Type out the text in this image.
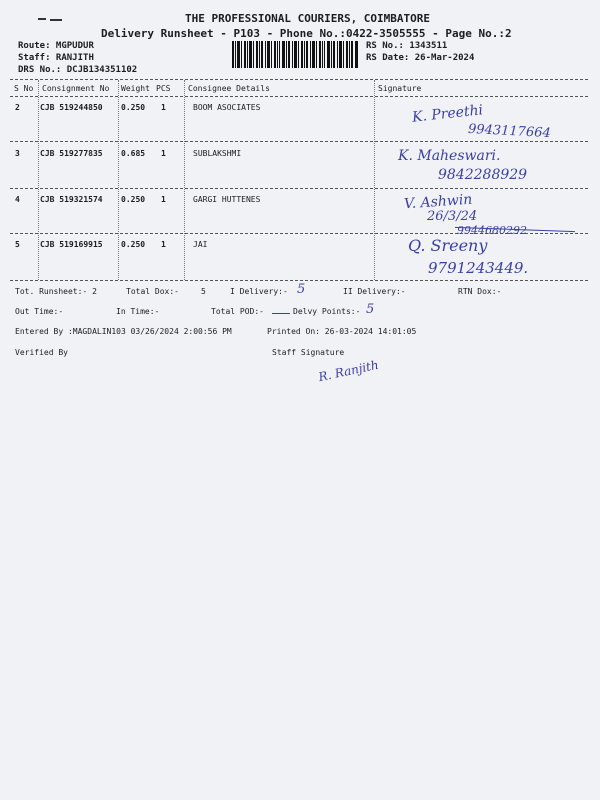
THE PROFESSIONAL COURIERS, COIMBATORE
Delivery Runsheet - P103 - Phone No.:0422-3505555 - Page No.:2
Route: MGPUDUR
Staff: RANJITH
DRS No.: DCJB134351102
RS No.: 1343511
RS Date: 26-Mar-2024
S No Consignment No Weight PCS Consignee Details	Signature
2	CJB 519244850 0.250 1	BOOM ASOCIATES	K. Preethi
9943117664
3	CJB 519277835 0.685 1	SUBLAKSHMI	K. Maheswari.
9842288929
4	CJB 519321574 0.250 1	GARGI HUTTENES	V. Ashwin
26/3/24
9944680292
5	CJB 519169915 0.250 1	JAI	Q. Sreeny
9791243449.
Tot. Runsheet:- 2	Total Dox:-	5	I Delivery:- 5	II Delivery:-	RTN Dox:-
Out Time:-	In Time:-	Total POD:-	Delvy Points:- 5
Entered By :MAGDALIN103 03/26/2024 2:00:56 PM	Printed On: 26-03-2024 14:01:05
Verified By	Staff Signature
R. Ranjith
